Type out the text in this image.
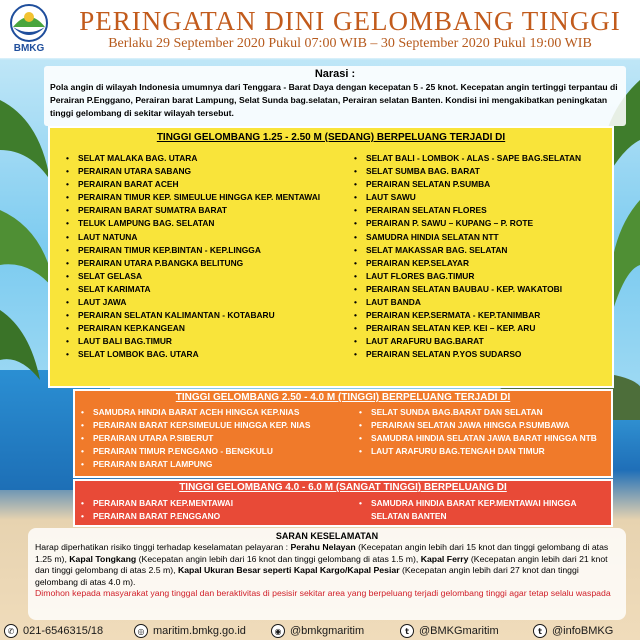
BMKG
PERINGATAN DINI GELOMBANG TINGGI
Berlaku 29 September 2020 Pukul 07:00 WIB – 30 September 2020 Pukul 19:00 WIB
Narasi :
Pola angin di wilayah Indonesia umumnya dari Tenggara - Barat Daya dengan kecepatan 5 - 25 knot. Kecepatan angin tertinggi terpantau di Perairan P.Enggano, Perairan barat Lampung, Selat Sunda bag.selatan, Perairan selatan Banten. Kondisi ini mengakibatkan peningkatan tinggi gelombang di sekitar wilayah tersebut.
TINGGI GELOMBANG 1.25 - 2.50 M (SEDANG) BERPELUANG TERJADI DI
• SELAT MALAKA BAG. UTARA
• PERAIRAN UTARA SABANG
• PERAIRAN BARAT ACEH
• PERAIRAN TIMUR KEP. SIMEULUE HINGGA KEP. MENTAWAI
• PERAIRAN BARAT SUMATRA BARAT
• TELUK LAMPUNG BAG. SELATAN
• LAUT NATUNA
• PERAIRAN TIMUR KEP.BINTAN - KEP.LINGGA
• PERAIRAN UTARA P.BANGKA BELITUNG
• SELAT GELASA
• SELAT KARIMATA
• LAUT JAWA
• PERAIRAN SELATAN KALIMANTAN - KOTABARU
• PERAIRAN KEP.KANGEAN
• LAUT BALI BAG.TIMUR
• SELAT LOMBOK BAG. UTARA
• SELAT BALI - LOMBOK - ALAS - SAPE BAG.SELATAN
• SELAT SUMBA BAG. BARAT
• PERAIRAN SELATAN P.SUMBA
• LAUT SAWU
• PERAIRAN SELATAN FLORES
• PERAIRAN P. SAWU – KUPANG – P. ROTE
• SAMUDRA HINDIA SELATAN NTT
• SELAT MAKASSAR BAG. SELATAN
• PERAIRAN KEP.SELAYAR
• LAUT FLORES BAG.TIMUR
• PERAIRAN SELATAN BAUBAU - KEP. WAKATOBI
• LAUT BANDA
• PERAIRAN KEP.SERMATA - KEP.TANIMBAR
• PERAIRAN SELATAN KEP. KEI – KEP. ARU
• LAUT ARAFURU BAG.BARAT
• PERAIRAN SELATAN P.YOS SUDARSO
TINGGI GELOMBANG 2.50 - 4.0 M (TINGGI) BERPELUANG TERJADI DI
• SAMUDRA HINDIA BARAT ACEH HINGGA KEP.NIAS
• PERAIRAN BARAT KEP.SIMEULUE HINGGA KEP. NIAS
• PERAIRAN UTARA P.SIBERUT
• PERAIRAN TIMUR P.ENGGANO - BENGKULU
• PERAIRAN BARAT LAMPUNG
• SELAT SUNDA BAG.BARAT DAN SELATAN
• PERAIRAN SELATAN JAWA HINGGA P.SUMBAWA
• SAMUDRA HINDIA SELATAN JAWA BARAT HINGGA NTB
• LAUT ARAFURU BAG.TENGAH DAN TIMUR
TINGGI GELOMBANG 4.0 - 6.0 M (SANGAT TINGGI) BERPELUANG DI
• PERAIRAN BARAT KEP.MENTAWAI
• PERAIRAN BARAT P.ENGGANO
• SAMUDRA HINDIA BARAT KEP.MENTAWAI HINGGA SELATAN BANTEN
SARAN KESELAMATAN
Harap diperhatikan risiko tinggi terhadap keselamatan pelayaran : Perahu Nelayan (Kecepatan angin lebih dari 15 knot dan tinggi gelombang di atas 1.25 m), Kapal Tongkang (Kecepatan angin lebih dari 16 knot dan tinggi gelombang di atas 1.5 m), Kapal Ferry (Kecepatan angin lebih dari 21 knot dan tinggi gelombang di atas 2.5 m), Kapal Ukuran Besar seperti Kapal Kargo/Kapal Pesiar (Kecepatan angin lebih dari 27 knot dan tinggi gelombang di atas 4.0 m).
Dimohon kepada masyarakat yang tinggal dan beraktivitas di pesisir sekitar area yang berpeluang terjadi gelombang tinggi agar tetap selalu waspada
✆ 021-6546315/18	◎ maritim.bmkg.go.id	◉ @bmkgmaritim	t @BMKGmaritim	t @infoBMKG
